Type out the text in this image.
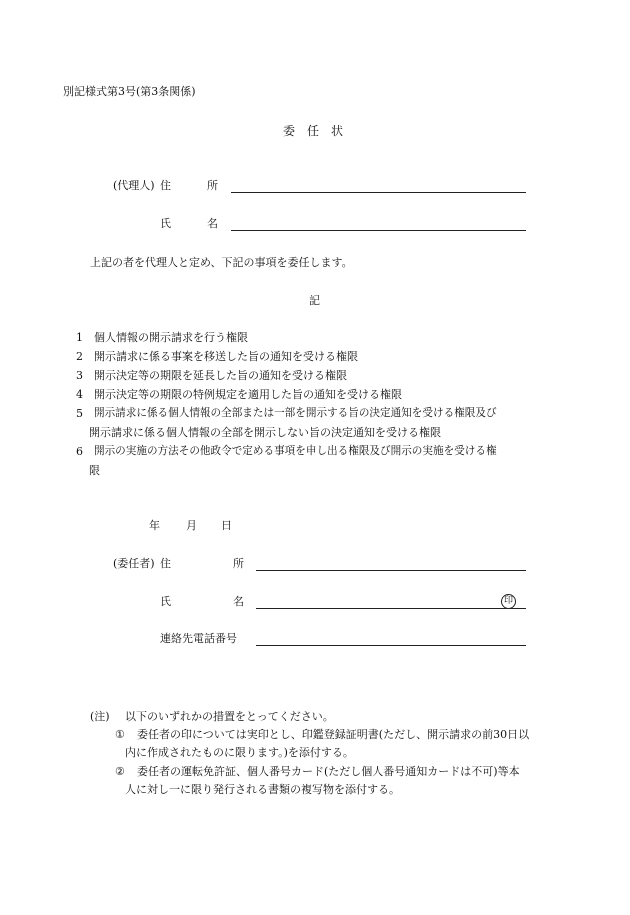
別記様式第3号(第3条関係)
委　任　状
(代理人) 住	所
氏	名
上記の者を代理人と定め、下記の事項を委任します。
記
1 個人情報の開示請求を行う権限
2 開示請求に係る事案を移送した旨の通知を受ける権限
3 開示決定等の期限を延長した旨の通知を受ける権限
4 開示決定等の期限の特例規定を適用した旨の通知を受ける権限
5 開示請求に係る個人情報の全部または一部を開示する旨の決定通知を受ける権限及び
開示請求に係る個人情報の全部を開示しない旨の決定通知を受ける権限
6 開示の実施の方法その他政令で定める事項を申し出る権限及び開示の実施を受ける権
限
年 月 日
(委任者) 住	所
氏	名	印
連絡先電話番号
(注) 以下のいずれかの措置をとってください。
① 委任者の印については実印とし、印鑑登録証明書(ただし、開示請求の前30日以
内に作成されたものに限ります。)を添付する。
② 委任者の運転免許証、個人番号カード(ただし個人番号通知カードは不可)等本
人に対し一に限り発行される書類の複写物を添付する。
